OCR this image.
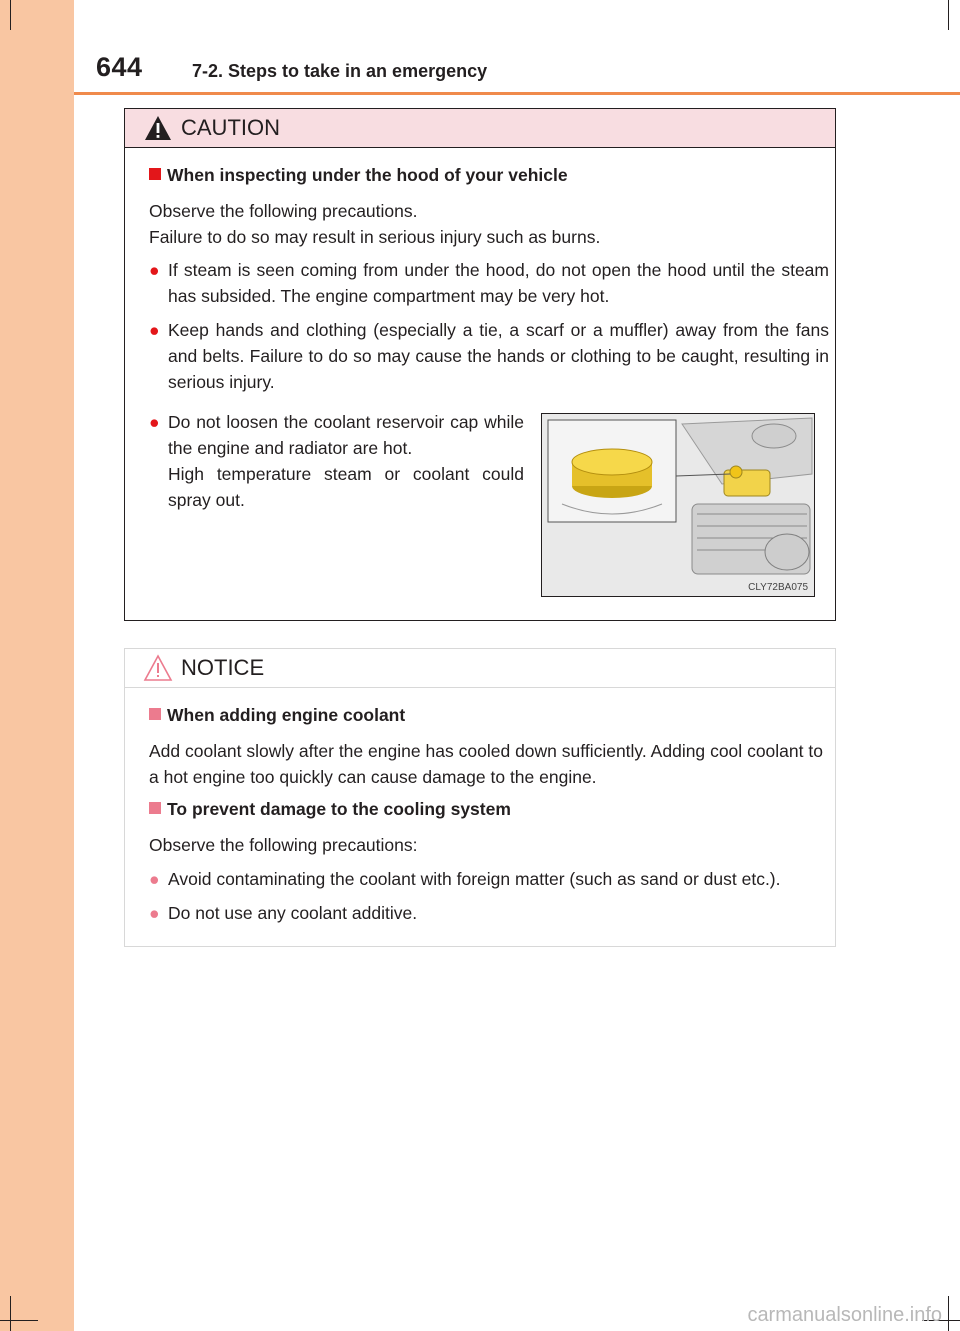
644	7-2. Steps to take in an emergency
CAUTION
When inspecting under the hood of your vehicle
Observe the following precautions.
Failure to do so may result in serious injury such as burns.
● If steam is seen coming from under the hood, do not open the hood until the steam has subsided. The engine compartment may be very hot.
● Keep hands and clothing (especially a tie, a scarf or a muffler) away from the fans and belts. Failure to do so may cause the hands or clothing to be caught, resulting in serious injury.
● Do not loosen the coolant reservoir cap while the engine and radiator are hot.
High temperature steam or coolant could spray out.
CLY72BA075
NOTICE
When adding engine coolant
Add coolant slowly after the engine has cooled down sufficiently. Adding cool coolant to a hot engine too quickly can cause damage to the engine.
To prevent damage to the cooling system
Observe the following precautions:
● Avoid contaminating the coolant with foreign matter (such as sand or dust etc.).
● Do not use any coolant additive.
carmanualsonline.info
